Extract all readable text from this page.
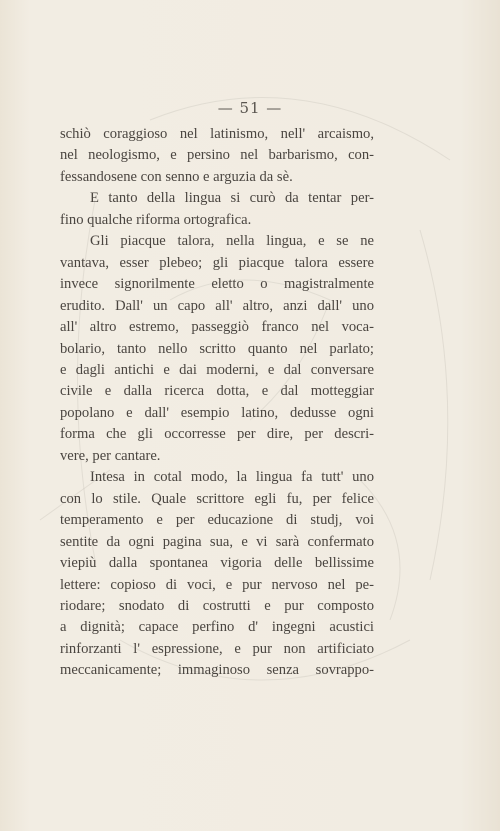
— 51 —
schiò coraggioso nel latinismo, nell' arcaismo,
nel neologismo, e persino nel barbarismo, con-
fessandosene con senno e arguzia da sè.
E tanto della lingua si curò da tentar per-
fino qualche riforma ortografica.
Gli piacque talora, nella lingua, e se ne
vantava, esser plebeo; gli piacque talora essere
invece signorilmente eletto o magistralmente
erudito. Dall' un capo all' altro, anzi dall' uno
all' altro estremo, passeggiò franco nel voca-
bolario, tanto nello scritto quanto nel parlato;
e dagli antichi e dai moderni, e dal conversare
civile e dalla ricerca dotta, e dal motteggiar
popolano e dall' esempio latino, dedusse ogni
forma che gli occorresse per dire, per descri-
vere, per cantare.
Intesa in cotal modo, la lingua fa tutt' uno
con lo stile. Quale scrittore egli fu, per felice
temperamento e per educazione di studj, voi
sentite da ogni pagina sua, e vi sarà confermato
viepiù dalla spontanea vigoria delle bellissime
lettere: copioso di voci, e pur nervoso nel pe-
riodare; snodato di costrutti e pur composto
a dignità; capace perfino d' ingegni acustici
rinforzanti l' espressione, e pur non artificiato
meccanicamente; immaginoso senza sovrappo-
